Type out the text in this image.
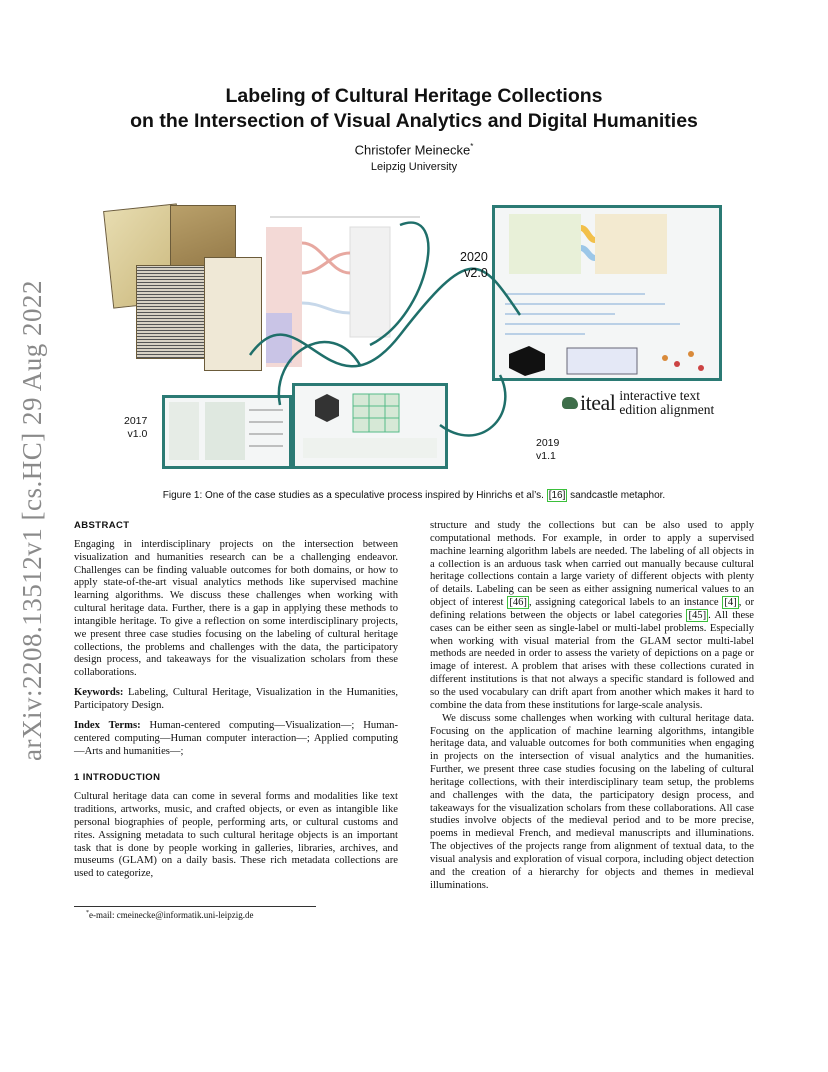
arXiv:2208.13512v1 [cs.HC] 29 Aug 2022
Labeling of Cultural Heritage Collections
on the Intersection of Visual Analytics and Digital Humanities
Christofer Meinecke*
Leipzig University
2017
v1.0
2019
v1.1
2020
v2.0
iteal interactive text
edition alignment
Figure 1: One of the case studies as a speculative process inspired by Hinrichs et al’s. [16] sandcastle metaphor.
ABSTRACT

Engaging in interdisciplinary projects on the intersection between visualization and humanities research can be a challenging endeavor. Challenges can be finding valuable outcomes for both domains, or how to apply state-of-the-art visual analytics methods like supervised machine learning algorithms. We discuss these challenges when working with cultural heritage data. Further, there is a gap in applying these methods to intangible heritage. To give a reflection on some interdisciplinary projects, we present three case studies focusing on the labeling of cultural heritage collections, the problems and challenges with the data, the participatory design process, and takeaways for the visualization scholars from these collaborations.

Keywords: Labeling, Cultural Heritage, Visualization in the Humanities, Participatory Design.

Index Terms: Human-centered computing—Visualization—; Human-centered computing—Human computer interaction—; Applied computing—Arts and humanities—;

1 INTRODUCTION

Cultural heritage data can come in several forms and modalities like text traditions, artworks, music, and crafted objects, or even as intangible like personal biographies of people, performing arts, or cultural customs and rites. Assigning metadata to such cultural heritage objects is an important task that is done by people working in galleries, libraries, archives, and museums (GLAM) on a daily basis. These rich metadata collections are used to categorize,

*e-mail: cmeinecke@informatik.uni-leipzig.de

structure and study the collections but can be also used to apply computational methods. For example, in order to apply a supervised machine learning algorithm labels are needed. The labeling of all objects in a collection is an arduous task when carried out manually because cultural heritage collections contain a large variety of different objects with plenty of details. Labeling can be seen as either assigning numerical values to an object of interest [46] , assigning categorical labels to an instance [4] , or defining relations between the objects or label categories [45] . All these cases can be either seen as single-label or multi-label problems. Especially when working with visual material from the GLAM sector multi-label methods are needed in order to assess the variety of depictions on a page or image of interest. A problem that arises with these collections curated in different institutions is that not always a specific standard is followed and so the used vocabulary can drift apart from another which makes it hard to combine the data from these institutions for large-scale analysis.

We discuss some challenges when working with cultural heritage data. Focusing on the application of machine learning algorithms, intangible heritage data, and valuable outcomes for both communities when engaging in projects on the intersection of visual analytics and the humanities. Further, we present three case studies focusing on the labeling of cultural heritage collections, with their interdisciplinary team setup, the problems and challenges with the data, the participatory design process, and takeaways for the visualization scholars from these collaborations. All case studies involve objects of the medieval period and to be more precise, poems in medieval French, and medieval manuscripts and illuminations. The objectives of the projects range from alignment of textual data, to the visual analysis and exploration of visual corpora, including object detection and the creation of a hierarchy for objects and themes in medieval illuminations.
